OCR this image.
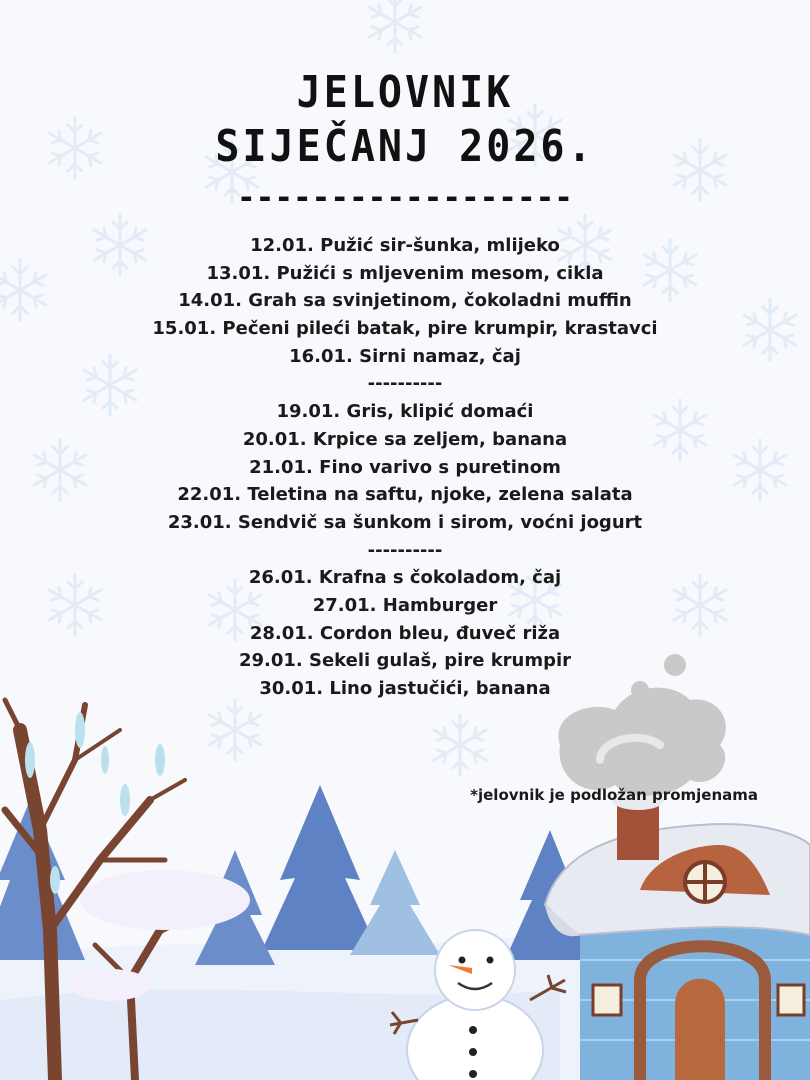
JELOVNIK
SIJEČANJ 2026.
------------------
12.01. Pužić sir-šunka, mlijeko
13.01. Pužići s mljevenim mesom, cikla
14.01. Grah sa svinjetinom, čokoladni muffin
15.01. Pečeni pileći batak, pire krumpir, krastavci
16.01. Sirni namaz, čaj
----------
19.01. Gris, klipić domaći
20.01. Krpice sa zeljem, banana
21.01. Fino varivo s puretinom
22.01. Teletina na saftu, njoke, zelena salata
23.01. Sendvič sa šunkom i sirom, voćni jogurt
----------
26.01. Krafna s čokoladom, čaj
27.01. Hamburger
28.01. Cordon bleu, đuveč riža
29.01. Sekeli gulaš, pire krumpir
30.01. Lino jastučići, banana
*jelovnik je podložan promjenama
